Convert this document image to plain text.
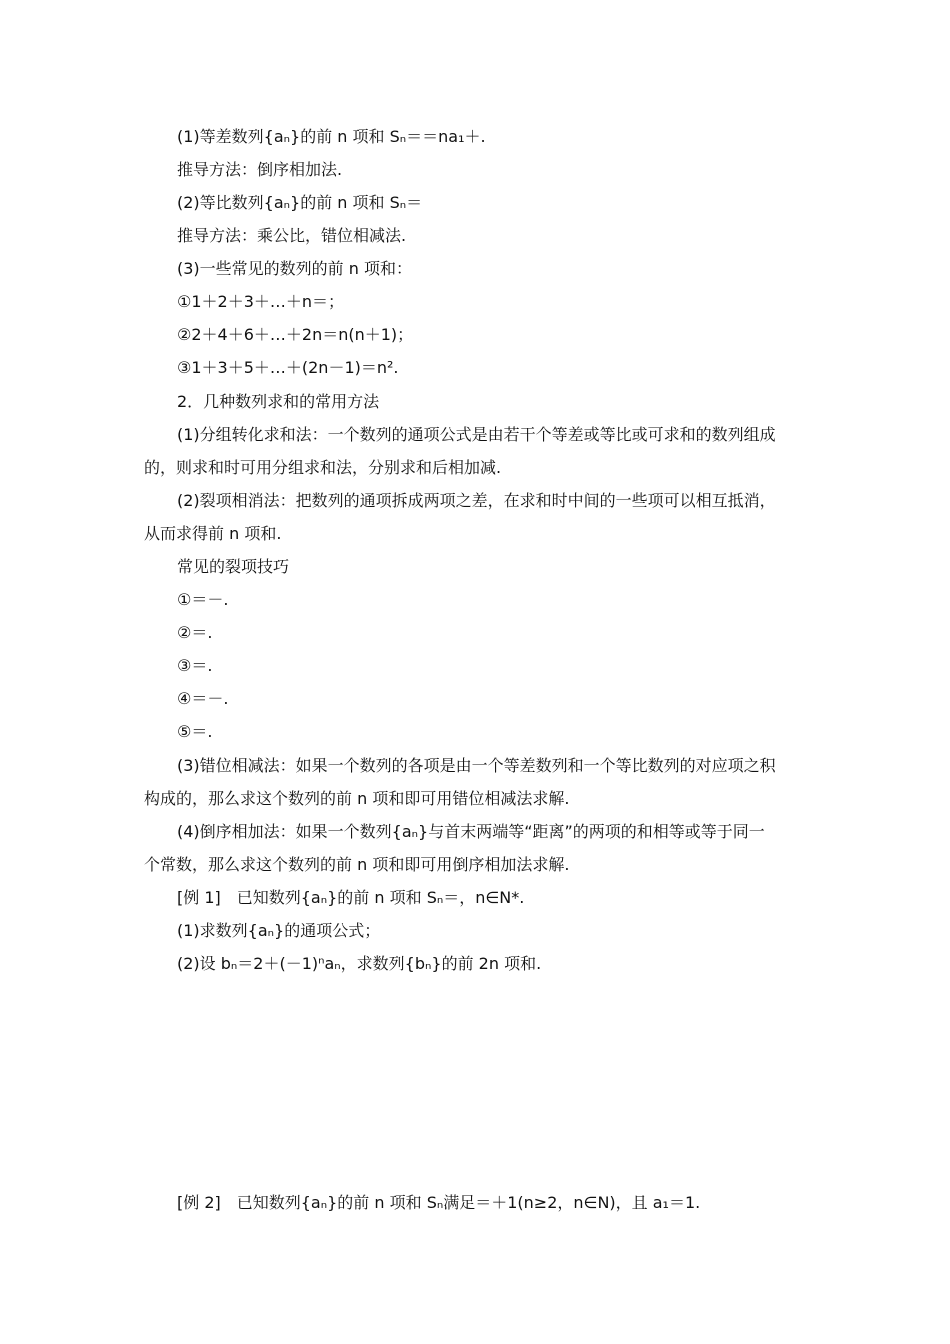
(1)等差数列{aₙ}的前 n 项和 Sₙ＝＝na₁＋.
推导方法：倒序相加法.
(2)等比数列{aₙ}的前 n 项和 Sₙ＝
推导方法：乘公比，错位相减法.
(3)一些常见的数列的前 n 项和：
①1＋2＋3＋…＋n＝；
②2＋4＋6＋…＋2n＝n(n＋1)；
③1＋3＋5＋…＋(2n－1)＝n².
2．几种数列求和的常用方法
(1)分组转化求和法：一个数列的通项公式是由若干个等差或等比或可求和的数列组成
的，则求和时可用分组求和法，分别求和后相加减.
(2)裂项相消法：把数列的通项拆成两项之差，在求和时中间的一些项可以相互抵消，
从而求得前 n 项和.
常见的裂项技巧
①＝－.
②＝.
③＝.
④＝－.
⑤＝.
(3)错位相减法：如果一个数列的各项是由一个等差数列和一个等比数列的对应项之积
构成的，那么求这个数列的前 n 项和即可用错位相减法求解.
(4)倒序相加法：如果一个数列{aₙ}与首末两端等“距离”的两项的和相等或等于同一
个常数，那么求这个数列的前 n 项和即可用倒序相加法求解.
[例 1]　已知数列{aₙ}的前 n 项和 Sₙ＝，n∈N*.
(1)求数列{aₙ}的通项公式；
(2)设 bₙ＝2＋(－1)ⁿaₙ，求数列{bₙ}的前 2n 项和.
[例 2]　已知数列{aₙ}的前 n 项和 Sₙ满足＝＋1(n≥2，n∈N)，且 a₁＝1.
